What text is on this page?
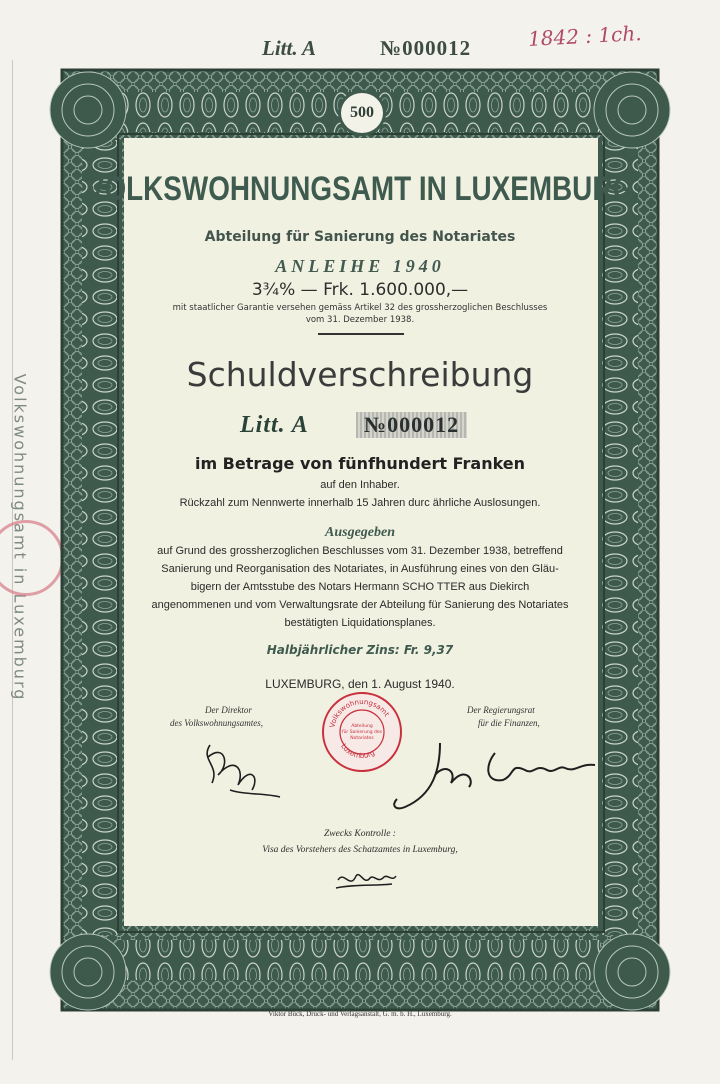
Volkswohnungsamt in Luxemburg
Litt. A	№000012	1842 : 1ch.
500
VOLKSWOHNUNGSAMT IN LUXEMBURG
Abteilung für Sanierung des Notariates
ANLEIHE 1940
3¾% — Frk. 1.600.000,—
mit staatlicher Garantie versehen gemäss Artikel 32 des grossherzoglichen Beschlusses
vom 31. Dezember 1938.
Schuldverschreibung
Litt. A	№000012
im Betrage von fünfhundert Franken
auf den Inhaber.
Rückzahl zum Nennwerte innerhalb 15 Jahren durc ährliche Auslosungen.
Ausgegeben
auf Grund des grossherzoglichen Beschlusses vom 31. Dezember 1938, betreffend
Sanierung und Reorganisation des Notariates, in Ausführung eines von den Gläu-
bigern der Amtsstube des Notars Hermann SCHO TTER aus Diekirch
angenommenen und vom Verwaltungsrate der Abteilung für Sanierung des Notariates
bestätigten Liquidationsplanes.
Halbjährlicher Zins: Fr. 9,37
LUXEMBURG, den 1. August 1940.
Der Direktor
des Volkswohnungsamtes,
Der Regierungsrat
für die Finanzen,
Volkswohnungsamt
Abteilung
für Sanierung des
Notariates
Luxemburg
Zwecks Kontrolle :
Visa des Vorstehers des Schatzamtes in Luxemburg,
Viktor Bück, Druck- und Verlagsanstalt, G. m. b. H., Luxemburg.
